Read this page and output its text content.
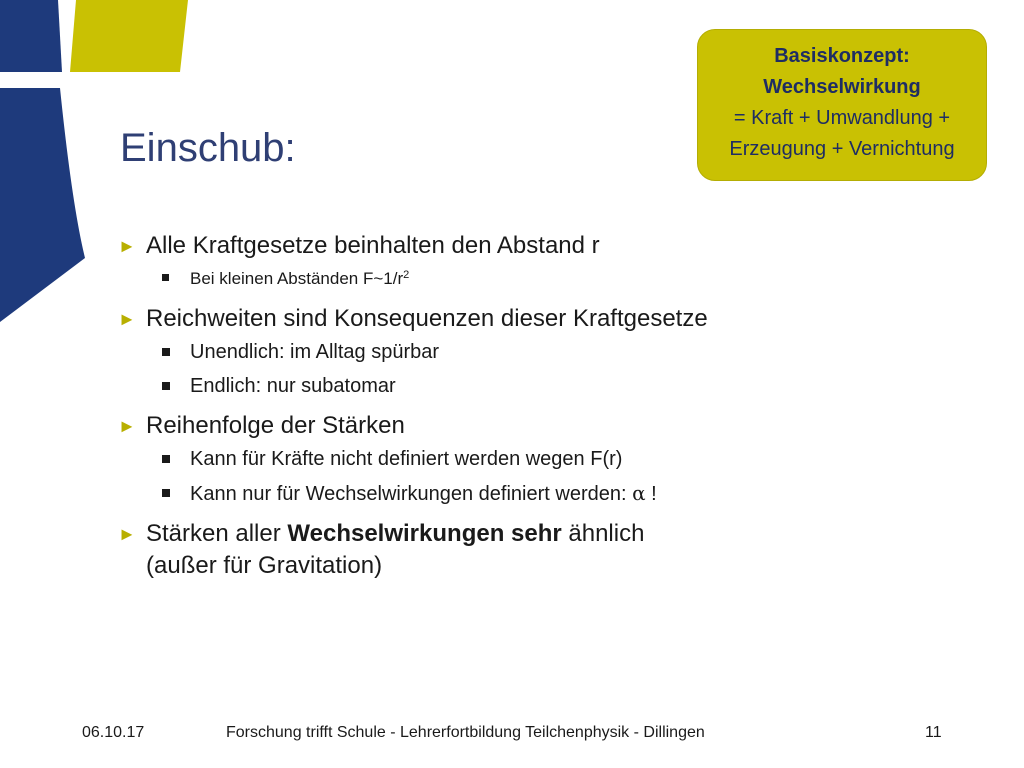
Einschub:
Basiskonzept:
Wechselwirkung
= Kraft + Umwandlung +
Erzeugung + Vernichtung
► Alle Kraftgesetze beinhalten den Abstand r
Bei kleinen Abständen $F\sim 1/r^2$
► Reichweiten sind Konsequenzen dieser Kraftgesetze
Unendlich: im Alltag spürbar
Endlich: nur subatomar
► Reihenfolge der Stärken
Kann für Kräfte nicht definiert werden wegen F(r)
Kann nur für Wechselwirkungen definiert werden: α !
► Stärken aller Wechselwirkungen sehr ähnlich
(außer für Gravitation)
06.10.17	Forschung trifft Schule - Lehrerfortbildung Teilchenphysik - Dillingen	11
